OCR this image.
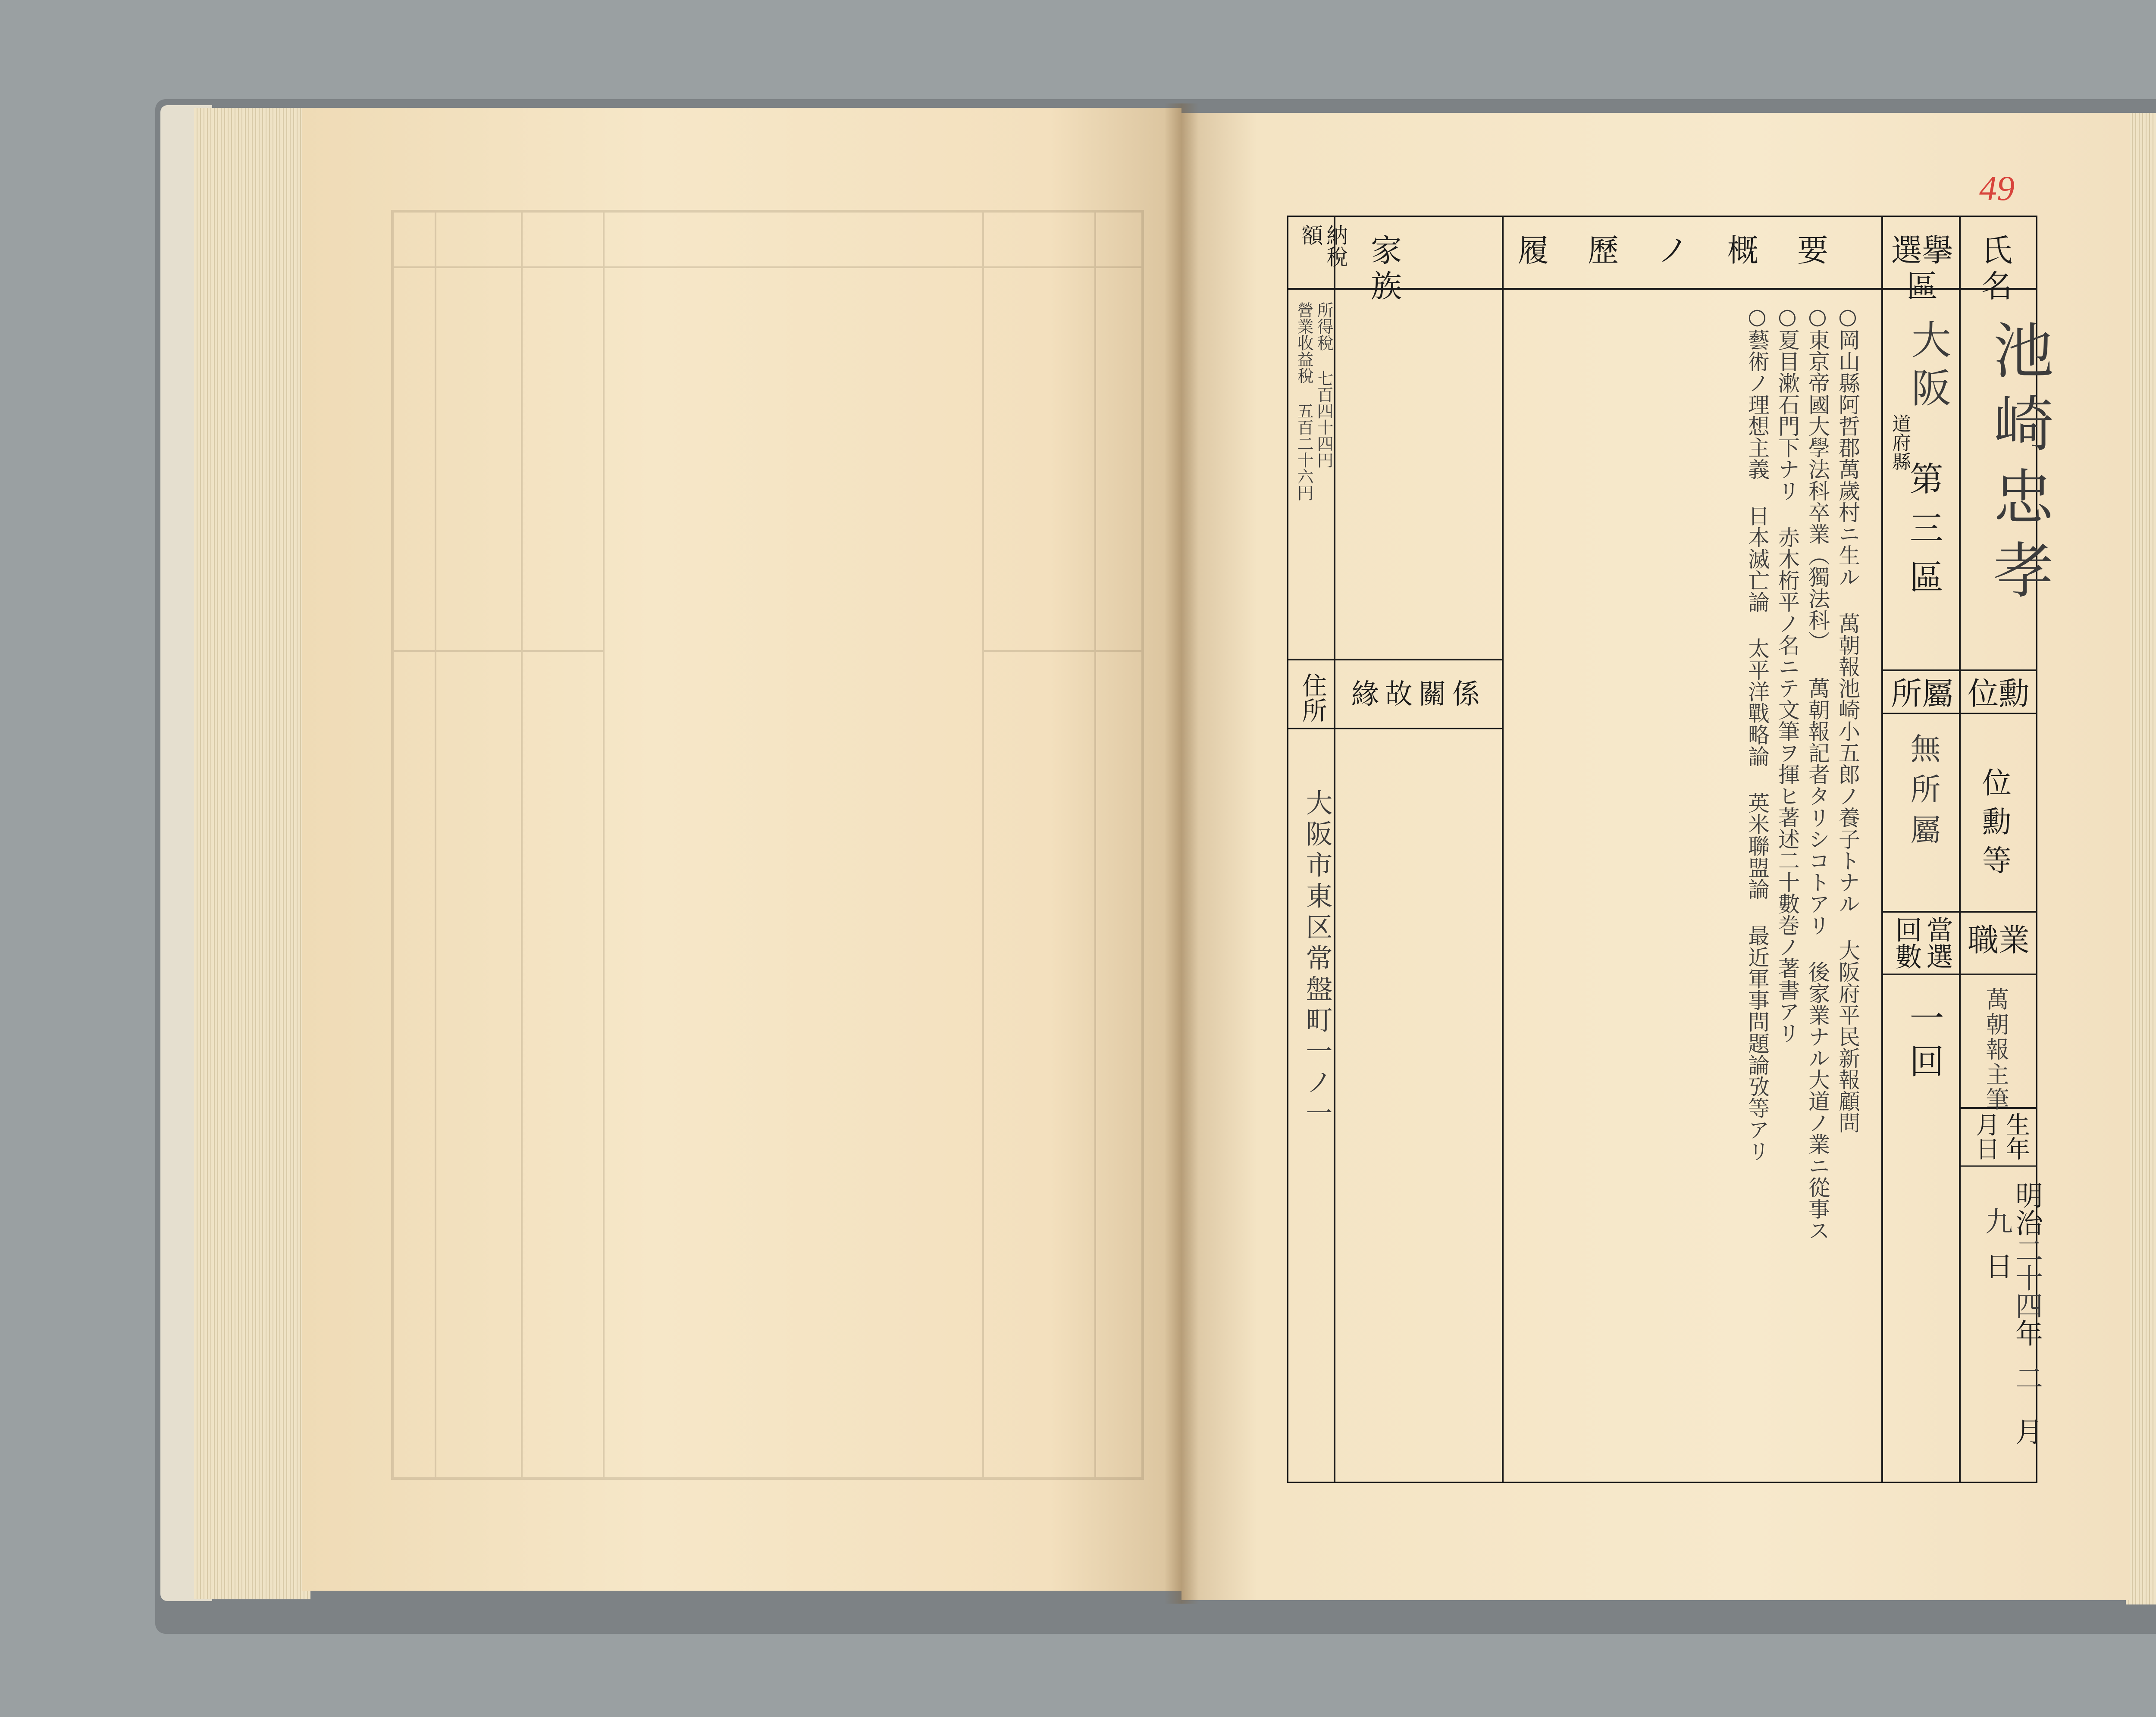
49
氏名
選擧區
履歷ノ概要
家族
納稅額
池崎忠孝
大阪
道府縣
第三區
所屬
無所屬
當選回數
一回
位勳
位勳等
職業
萬朝報主筆
生年月日
明治二十四年二月九日
○岡山縣阿哲郡萬歲村ニ生ル 萬朝報池崎小五郎ノ養子トナル 大阪府平民新報顧問
○東京帝國大學法科卒業（獨法科） 萬朝報記者タリシコトアリ 後家業ナル大道ノ業ニ從事ス
○夏目漱石門下ナリ 赤木桁平ノ名ニテ文筆ヲ揮ヒ著述二十數巻ノ著書アリ
○藝術ノ理想主義 日本滅亡論 太平洋戰略論 英米聯盟論 最近軍事問題論攷等アリ
緣故關係
所得稅 七百四十四円
營業收益稅 五百二十六円
住所
大阪市東区常盤町一ノ一
